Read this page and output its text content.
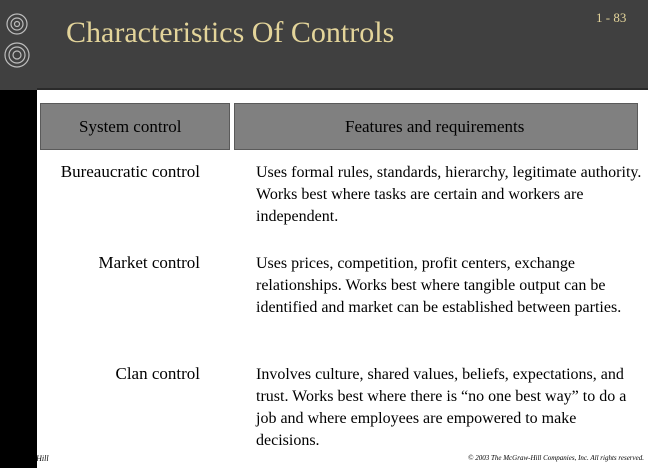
Characteristics Of Controls	1 - 83
System control	Features and requirements
Bureaucratic control	Uses formal rules, standards, hierarchy, legitimate authority. Works best where tasks are certain and workers are independent.
Market control	Uses prices, competition, profit centers, exchange relationships. Works best where tangible output can be identified and market can be established between parties.
Clan control	Involves culture, shared values, beliefs, expectations, and trust. Works best where there is “no one best way” to do a job and where employees are empowered to make decisions.
McGraw-Hill	© 2003 The McGraw-Hill Companies, Inc. All rights reserved.
